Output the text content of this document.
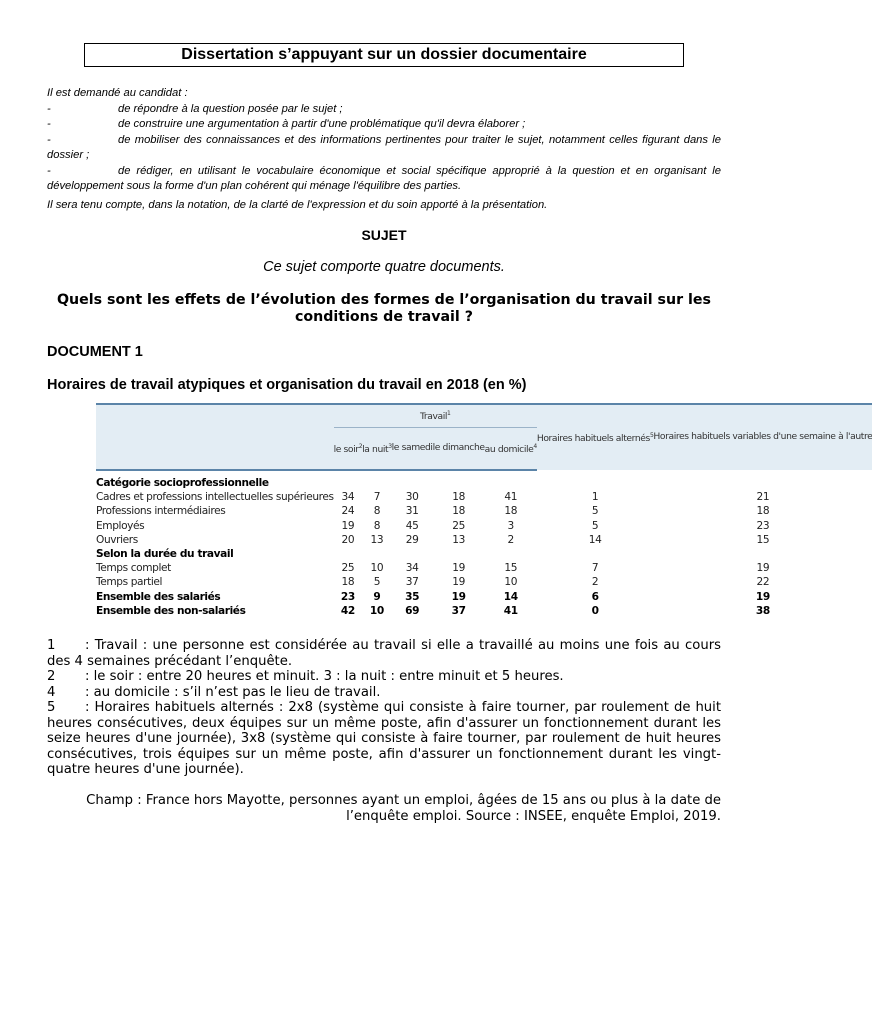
Dissertation s’appuyant sur un dossier documentaire

Il est demandé au candidat :

-	de répondre à la question posée par le sujet ;
-	de construire une argumentation à partir d'une problématique qu'il devra élaborer ;
-	de mobiliser des connaissances et des informations pertinentes pour traiter le sujet, notamment celles figurant dans le dossier ;
-	de rédiger, en utilisant le vocabulaire économique et social spécifique approprié à la question et en organisant le développement sous la forme d'un plan cohérent qui ménage l'équilibre des parties.

Il sera tenu compte, dans la notation, de la clarté de l'expression et du soin apporté à la présentation.

SUJET
Ce sujet comporte quatre documents.
Quels sont les effets de l’évolution des formes de l’organisation du travail sur les conditions de travail ?
DOCUMENT 1
Horaires de travail atypiques et organisation du travail en 2018 (en %)
	Travail$^1$					Horaires habituels alternés$^5$	Horaires habituels variables d'une semaine à l'autre
	le soir$^2$	la nuit$^3$	le samedi	le dimanche	au domicile$^4$
Catégorie socioprofessionnelle							
Cadres et professions intellectuelles supérieures	34	7	30	18	41	1	21
Professions intermédiaires	24	8	31	18	18	5	18
Employés	19	8	45	25	3	5	23
Ouvriers	20	13	29	13	2	14	15
Selon la durée du travail							
Temps complet	25	10	34	19	15	7	19
Temps partiel	18	5	37	19	10	2	22
Ensemble des salariés	23	9	35	19	14	6	19
Ensemble des non-salariés	42	10	69	37	41	0	38

1 : Travail : une personne est considérée au travail si elle a travaillé au moins une fois au cours des 4 semaines précédant l’enquête.

2 : le soir : entre 20 heures et minuit. 3 : la nuit : entre minuit et 5 heures.

4 : au domicile : s’il n’est pas le lieu de travail.

5 : Horaires habituels alternés : 2x8 (système qui consiste à faire tourner, par roulement de huit heures consécutives, deux équipes sur un même poste, afin d'assurer un fonctionnement durant les seize heures d'une journée), 3x8 (système qui consiste à faire tourner, par roulement de huit heures consécutives, trois équipes sur un même poste, afin d'assurer un fonctionnement durant les vingt-quatre heures d'une journée).

Champ : France hors Mayotte, personnes ayant un emploi, âgées de 15 ans ou plus à la date de l’enquête emploi. Source : INSEE, enquête Emploi, 2019.
